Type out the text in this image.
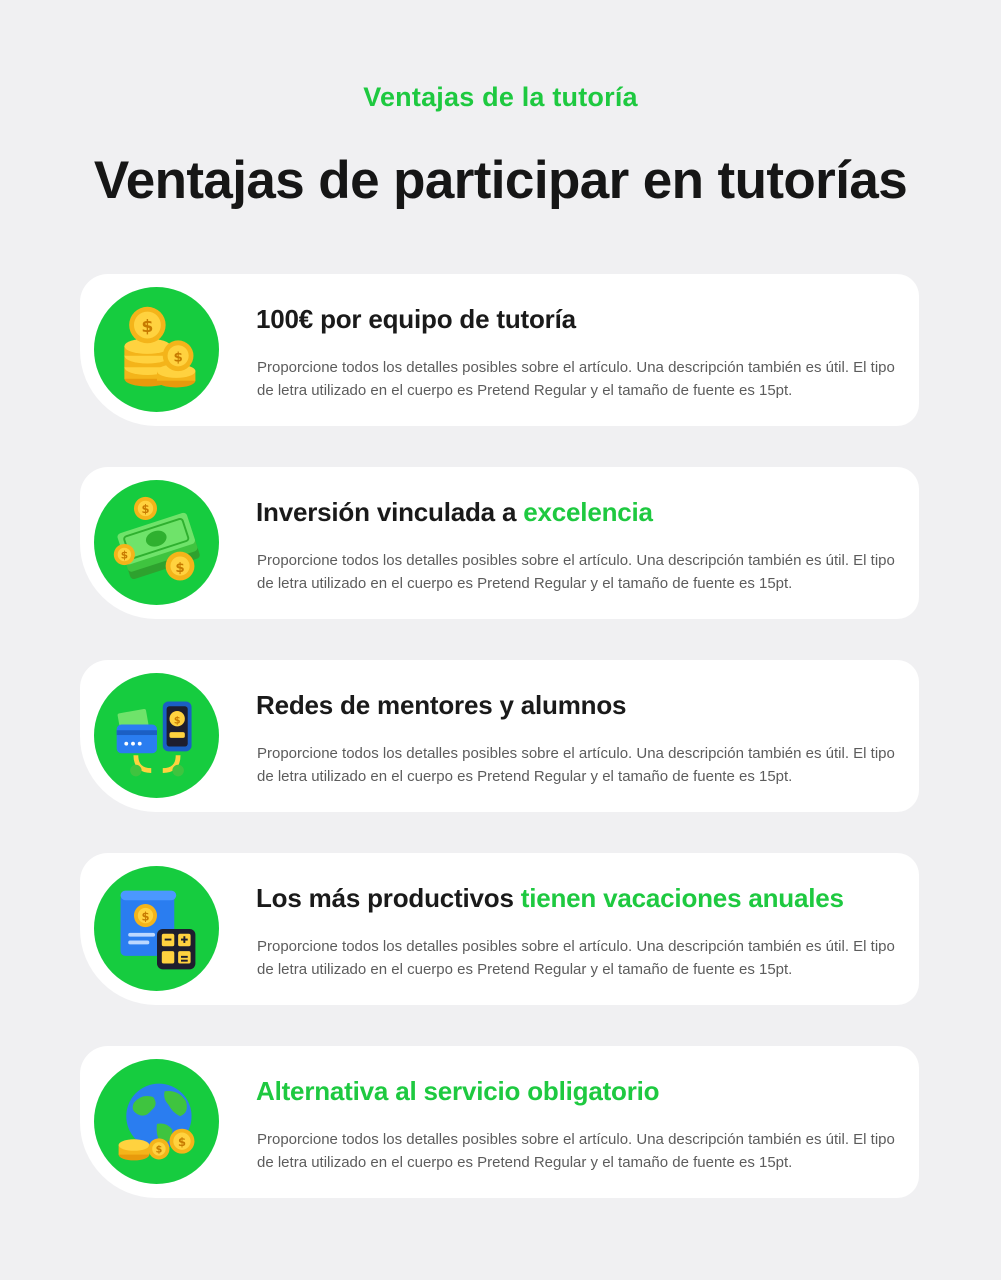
Ventajas de la tutoría
Ventajas de participar en tutorías
$
$
100€ por equipo de tutoría

Proporcione todos los detalles posibles sobre el artículo. Una descripción también es útil. El tipo de letra utilizado en el cuerpo es Pretend Regular y el tamaño de fuente es 15pt.

$
$
$
Inversión vinculada a excelencia

Proporcione todos los detalles posibles sobre el artículo. Una descripción también es útil. El tipo de letra utilizado en el cuerpo es Pretend Regular y el tamaño de fuente es 15pt.

$
Redes de mentores y alumnos

Proporcione todos los detalles posibles sobre el artículo. Una descripción también es útil. El tipo de letra utilizado en el cuerpo es Pretend Regular y el tamaño de fuente es 15pt.

$
Los más productivos tienen vacaciones anuales

Proporcione todos los detalles posibles sobre el artículo. Una descripción también es útil. El tipo de letra utilizado en el cuerpo es Pretend Regular y el tamaño de fuente es 15pt.

$
$
Alternativa al servicio obligatorio

Proporcione todos los detalles posibles sobre el artículo. Una descripción también es útil. El tipo de letra utilizado en el cuerpo es Pretend Regular y el tamaño de fuente es 15pt.
